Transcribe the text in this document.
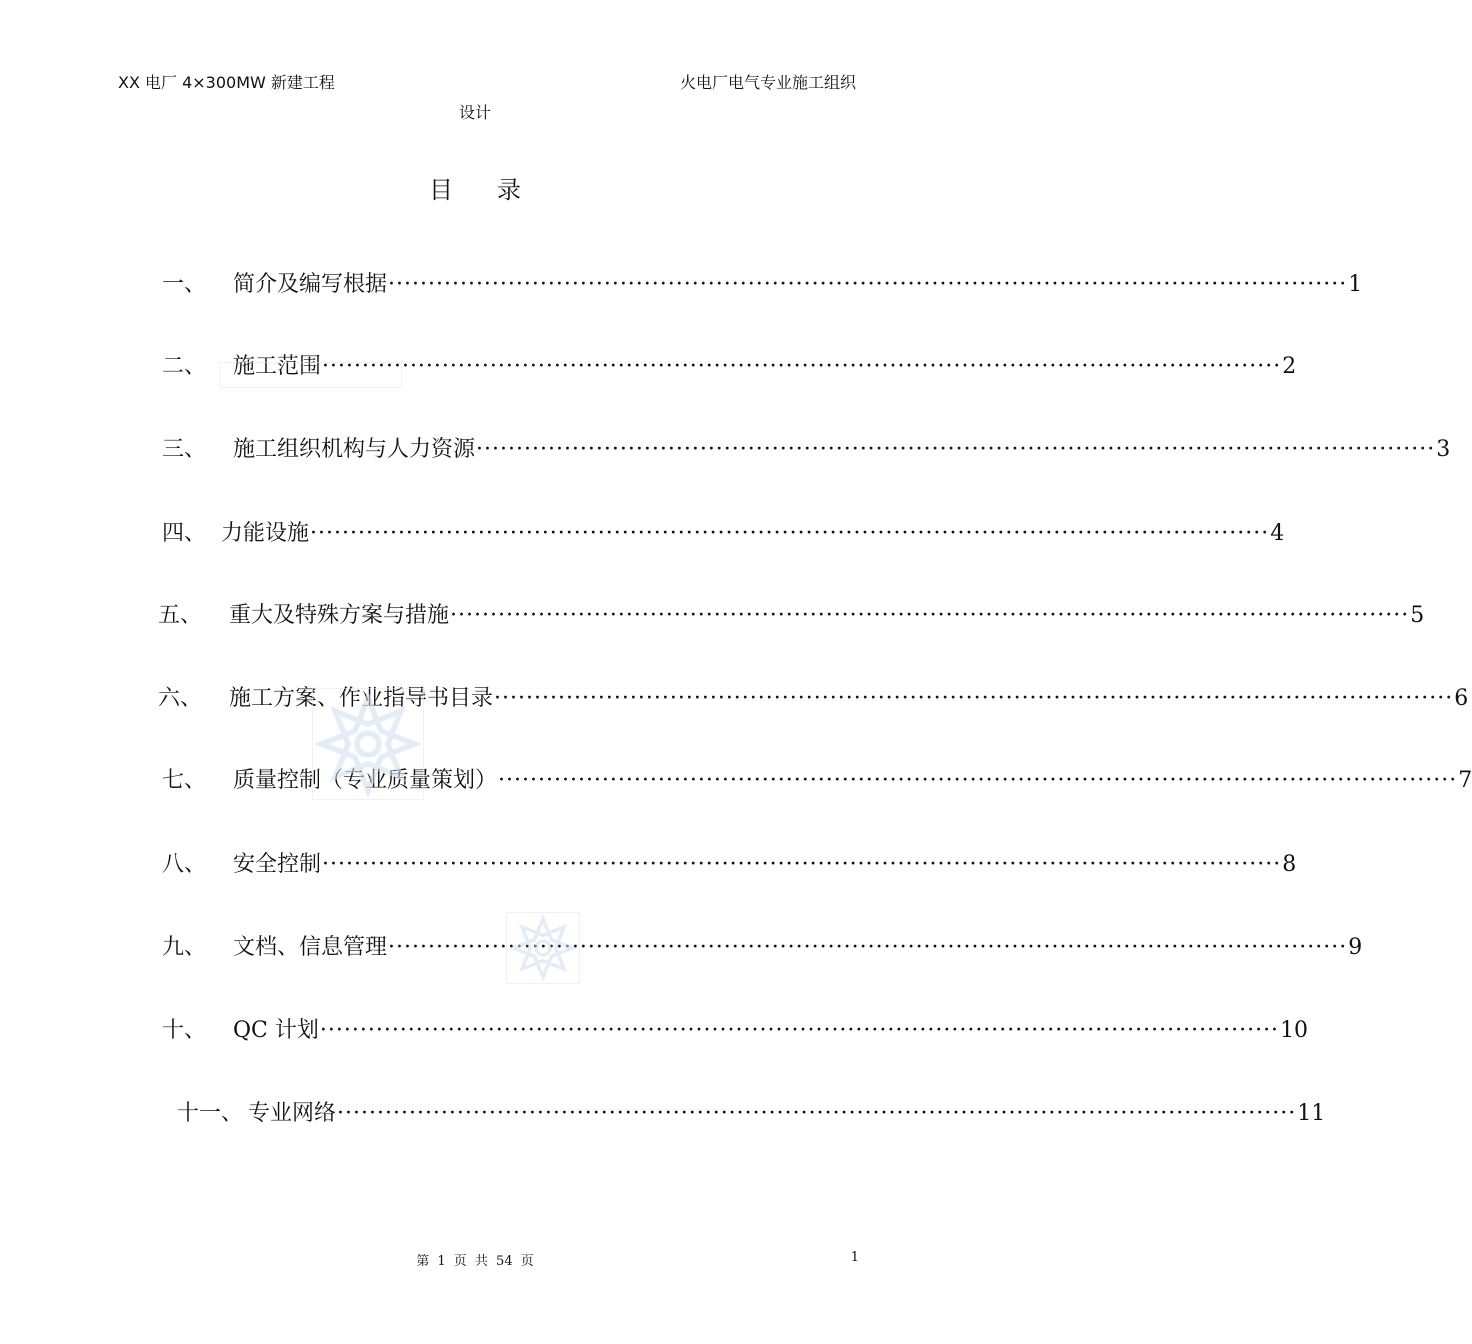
XX 电厂 4×300MW 新建工程	火电厂电气专业施工组织
设计
目录
一、 简介及编写根据 ························································································································ 1
二、 施工范围 ························································································································ 2
三、 施工组织机构与人力资源 ························································································································ 3
四、 力能设施 ························································································································ 4
五、 重大及特殊方案与措施 ························································································································ 5
六、 施工方案、作业指导书目录 ························································································································ 6
七、 质量控制（专业质量策划） ························································································································ 7
八、 安全控制 ························································································································ 8
九、 文档、信息管理 ························································································································ 9
十、 QC 计划 ························································································································ 10
十一、 专业网络 ························································································································ 11
第 1 页 共 54 页	1
